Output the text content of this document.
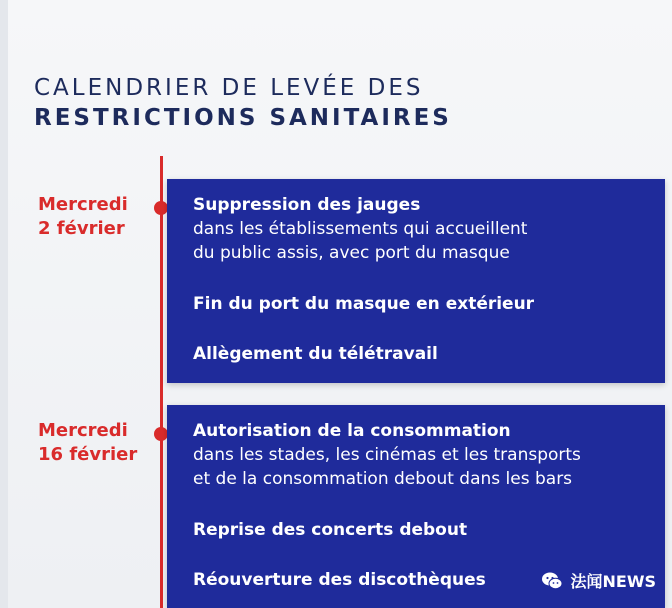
CALENDRIER DE LEVÉE DES
RESTRICTIONS SANITAIRES
Mercredi
2 février
Suppression des jauges
dans les établissements qui accueillent
du public assis, avec port du masque
Fin du port du masque en extérieur
Allègement du télétravail
Mercredi
16 février
Autorisation de la consommation
dans les stades, les cinémas et les transports
et de la consommation debout dans les bars
Reprise des concerts debout
Réouverture des discothèques	法闻NEWS
